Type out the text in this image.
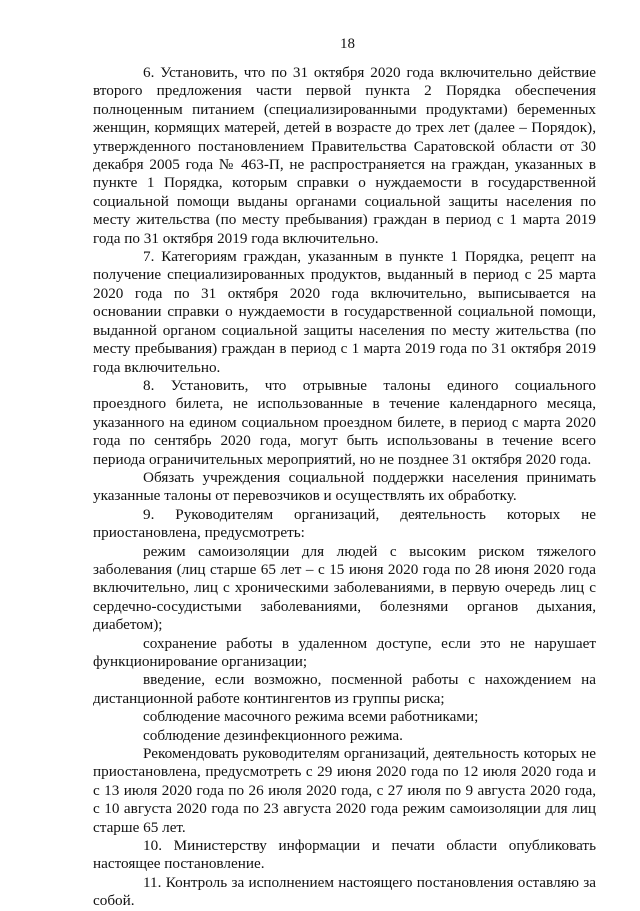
18

6. Установить, что по 31 октября 2020 года включительно действие второго предложения части первой пункта 2 Порядка обеспечения полноценным питанием (специализированными продуктами) беременных женщин, кормящих матерей, детей в возрасте до трех лет (далее – Порядок), утвержденного постановлением Правительства Саратовской области от 30 декабря 2005 года № 463-П, не распространяется на граждан, указанных в пункте 1 Порядка, которым справки о нуждаемости в государственной социальной помощи выданы органами социальной защиты населения по месту жительства (по месту пребывания) граждан в период с 1 марта 2019 года по 31 октября 2019 года включительно.

7. Категориям граждан, указанным в пункте 1 Порядка, рецепт на получение специализированных продуктов, выданный в период с 25 марта 2020 года по 31 октября 2020 года включительно, выписывается на основании справки о нуждаемости в государственной социальной помощи, выданной органом социальной защиты населения по месту жительства (по месту пребывания) граждан в период с 1 марта 2019 года по 31 октября 2019 года включительно.

8. Установить, что отрывные талоны единого социального проездного билета, не использованные в течение календарного месяца, указанного на едином социальном проездном билете, в период с марта 2020 года по сентябрь 2020 года, могут быть использованы в течение всего периода ограничительных мероприятий, но не позднее 31 октября 2020 года.

Обязать учреждения социальной поддержки населения принимать указанные талоны от перевозчиков и осуществлять их обработку.

9. Руководителям организаций, деятельность которых не приостановлена, предусмотреть:

режим самоизоляции для людей с высоким риском тяжелого заболевания (лиц старше 65 лет – с 15 июня 2020 года по 28 июня 2020 года включительно, лиц с хроническими заболеваниями, в первую очередь лиц с сердечно-сосудистыми заболеваниями, болезнями органов дыхания, диабетом);

сохранение работы в удаленном доступе, если это не нарушает функционирование организации;

введение, если возможно, посменной работы с нахождением на дистанционной работе контингентов из группы риска;

соблюдение масочного режима всеми работниками;

соблюдение дезинфекционного режима.

Рекомендовать руководителям организаций, деятельность которых не приостановлена, предусмотреть с 29 июня 2020 года по 12 июля 2020 года и с 13 июля 2020 года по 26 июля 2020 года, с 27 июля по 9 августа 2020 года, с 10 августа 2020 года по 23 августа 2020 года режим самоизоляции для лиц старше 65 лет.

10. Министерству информации и печати области опубликовать настоящее постановление.

11. Контроль за исполнением настоящего постановления оставляю за собой.
